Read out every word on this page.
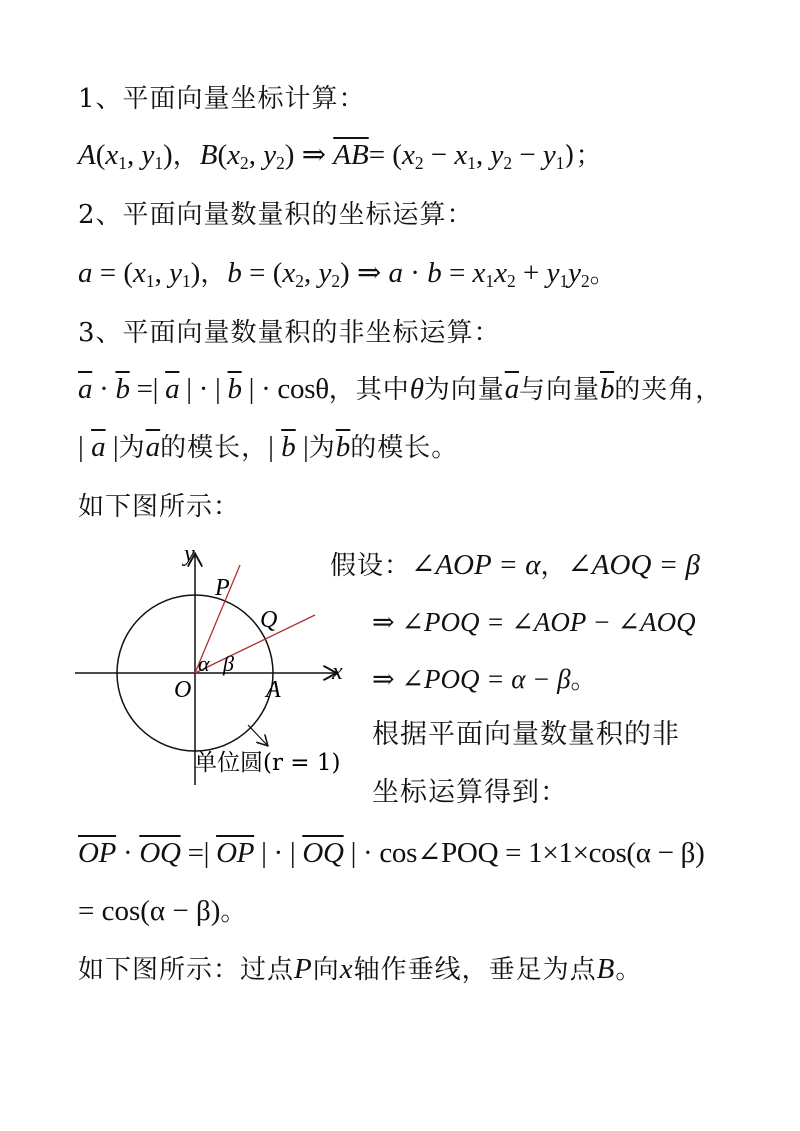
1、平面向量坐标计算：
$A(x_1$, $y_1$)，$B(x_2$, $y_2$) ⇒ $\overline{AB}= (x_2 - x_1$, $y_2 - y_1$)；
2、平面向量数量积的坐标运算：
$a = (x_1$, $y_1$)，$b = (x_2$, $y_2$) ⇒ $a \cdot b = x_1x_2 + y_1y_2$。
3、平面向量数量积的非坐标运算：
$\overline{a} \cdot \overline{b}$ =| $\overline{a}$ | · | $\overline{b}$ | · cosθ，其中θ为向量$\overline{a}$与向量$\overline{b}$的夹角，
| $\overline{a}$ |为$\overline{a}$的模长，| $\overline{b}$ |为$\overline{b}$的模长。
如下图所示：
y
x
P
Q
O	A
α β
单位圆(r = 1)
假设：∠AOP = α，∠AOQ = β
⇒ ∠POQ = ∠AOP − ∠AOQ
⇒ ∠POQ = α − β。
根据平面向量数量积的非
坐标运算得到：
$\overline{OP} \cdot \overline{OQ}$ =| $\overline{OP}$ | · | $\overline{OQ}$ | · cos∠POQ = 1×1×cos(α − β)
= cos(α − β)。
如下图所示：过点P向x轴作垂线，垂足为点B。
